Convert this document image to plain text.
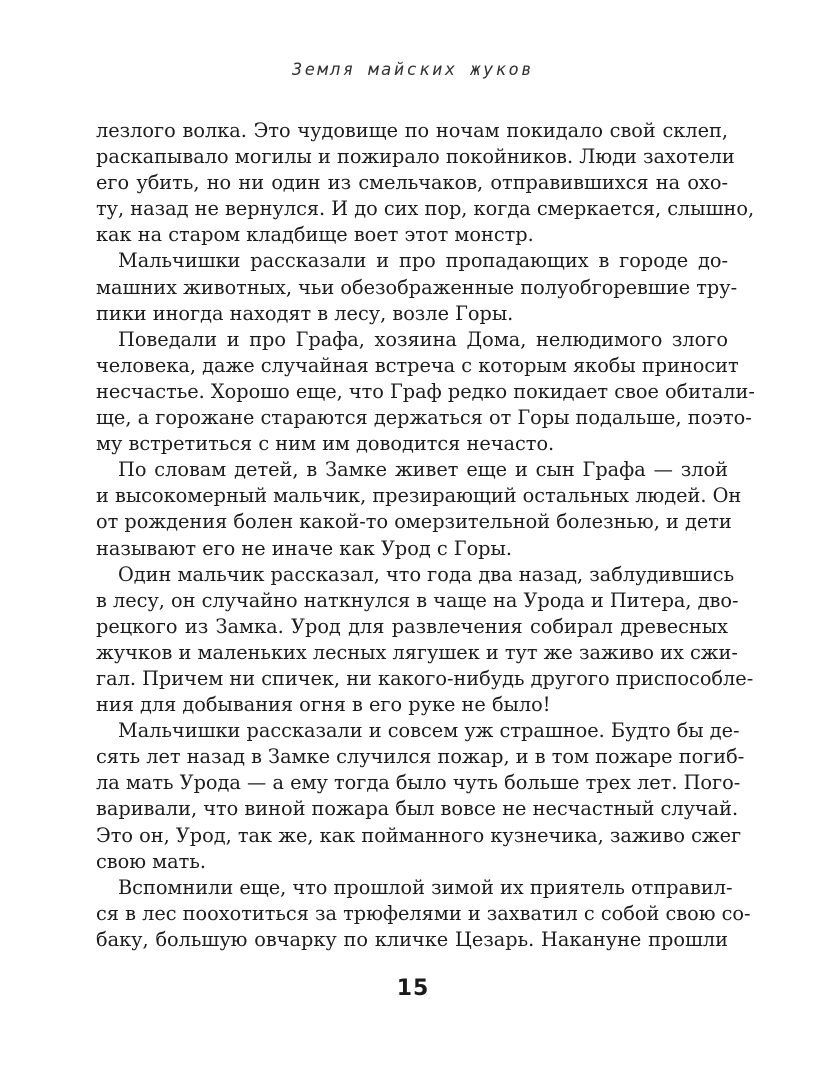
Земля майских жуков
лезлого волка. Это чудовище по ночам покидало свой склеп,
раскапывало могилы и пожирало покойников. Люди захотели
его убить, но ни один из смельчаков, отправившихся на охо-
ту, назад не вернулся. И до сих пор, когда смеркается, слышно,
как на старом кладбище воет этот монстр.
Мальчишки рассказали и про пропадающих в городе до-
машних животных, чьи обезображенные полуобгоревшие тру-
пики иногда находят в лесу, возле Горы.
Поведали и про Графа, хозяина Дома, нелюдимого злого
человека, даже случайная встреча с которым якобы приносит
несчастье. Хорошо еще, что Граф редко покидает свое обитали-
ще, а горожане стараются держаться от Горы подальше, поэто-
му встретиться с ним им доводится нечасто.
По словам детей, в Замке живет еще и сын Графа — злой
и высокомерный мальчик, презирающий остальных людей. Он
от рождения болен какой-то омерзительной болезнью, и дети
называют его не иначе как Урод с Горы.
Один мальчик рассказал, что года два назад, заблудившись
в лесу, он случайно наткнулся в чаще на Урода и Питера, дво-
рецкого из Замка. Урод для развлечения собирал древесных
жучков и маленьких лесных лягушек и тут же заживо их сжи-
гал. Причем ни спичек, ни какого-нибудь другого приспособле-
ния для добывания огня в его руке не было!
Мальчишки рассказали и совсем уж страшное. Будто бы де-
сять лет назад в Замке случился пожар, и в том пожаре погиб-
ла мать Урода — а ему тогда было чуть больше трех лет. Пого-
варивали, что виной пожара был вовсе не несчастный случай.
Это он, Урод, так же, как пойманного кузнечика, заживо сжег
свою мать.
Вспомнили еще, что прошлой зимой их приятель отправил-
ся в лес поохотиться за трюфелями и захватил с собой свою со-
баку, большую овчарку по кличке Цезарь. Накануне прошли
15
